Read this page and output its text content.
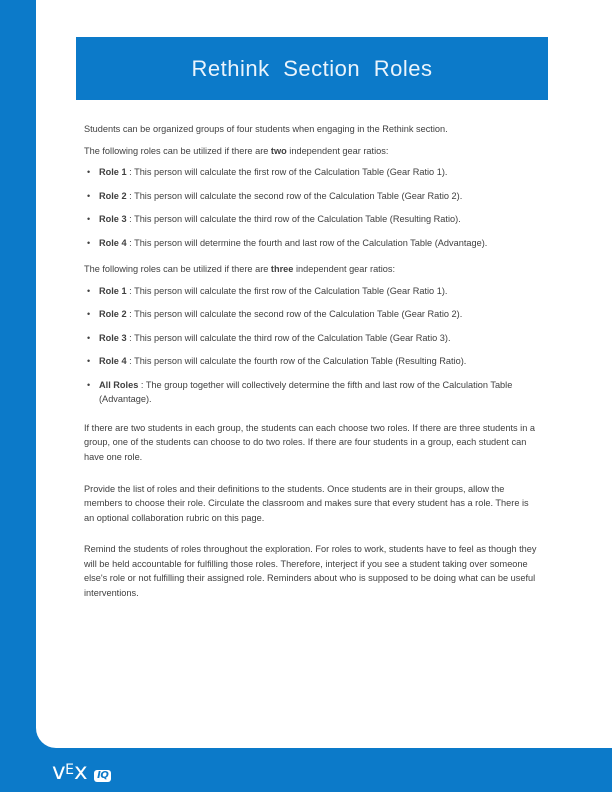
Rethink Section Roles

Students can be organized groups of four students when engaging in the Rethink section.

The following roles can be utilized if there are two independent gear ratios:

• Role 1 : This person will calculate the first row of the Calculation Table (Gear Ratio 1).
• Role 2 : This person will calculate the second row of the Calculation Table (Gear Ratio 2).
• Role 3 : This person will calculate the third row of the Calculation Table (Resulting Ratio).
• Role 4 : This person will determine the fourth and last row of the Calculation Table (Advantage).

The following roles can be utilized if there are three independent gear ratios:

• Role 1 : This person will calculate the first row of the Calculation Table (Gear Ratio 1).
• Role 2 : This person will calculate the second row of the Calculation Table (Gear Ratio 2).
• Role 3 : This person will calculate the third row of the Calculation Table (Gear Ratio 3).
• Role 4 : This person will calculate the fourth row of the Calculation Table (Resulting Ratio).
• All Roles : The group together will collectively determine the fifth and last row of the Calculation Table (Advantage).

If there are two students in each group, the students can each choose two roles. If there are three students in a group, one of the students can choose to do two roles. If there are four students in a group, each student can have one role.

Provide the list of roles and their definitions to the students. Once students are in their groups, allow the members to choose their role. Circulate the classroom and makes sure that every student has a role. There is an optional collaboration rubric on this page.

Remind the students of roles throughout the exploration. For roles to work, students have to feel as though they will be held accountable for fulfilling those roles. Therefore, interject if you see a student taking over someone else's role or not fulfilling their assigned role. Reminders about who is supposed to be doing what can be useful interventions.

v E x	IQ
